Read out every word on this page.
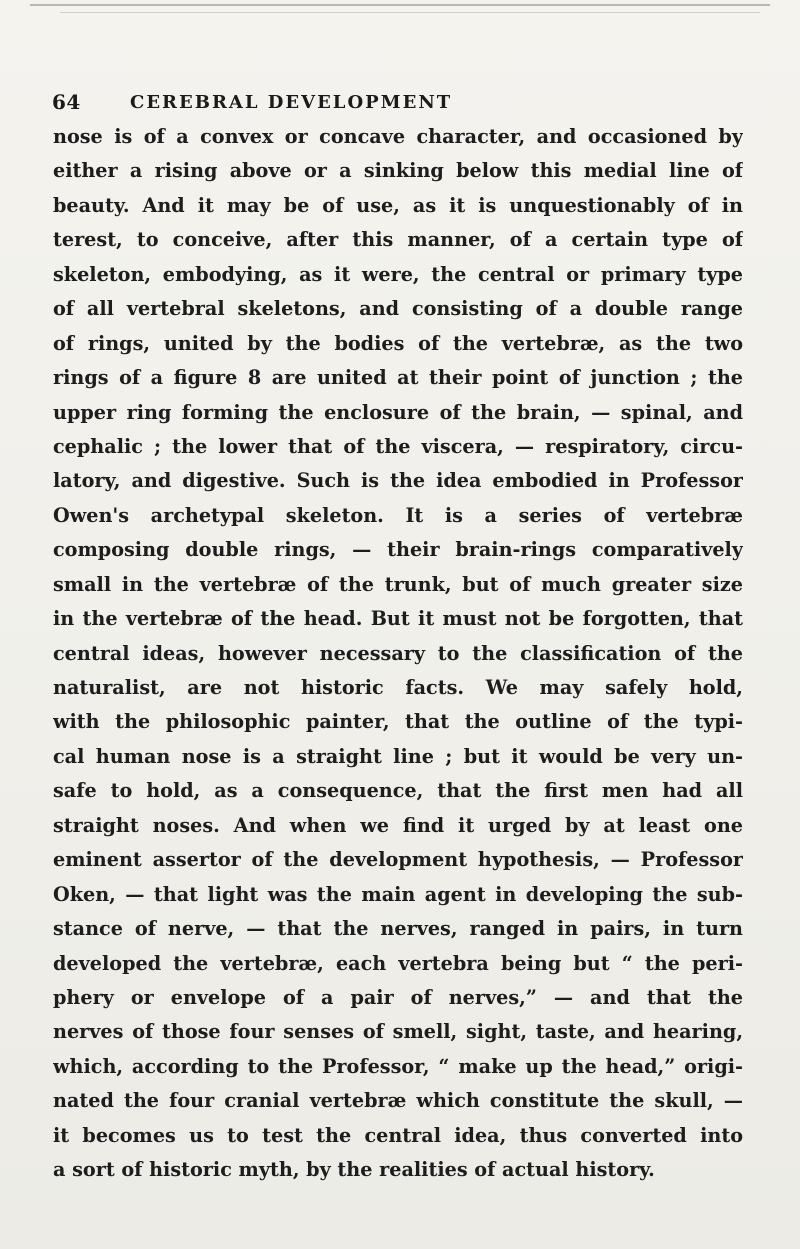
64	CEREBRAL DEVELOPMENT
nose is of a convex or concave character, and occasioned by
either a rising above or a sinking below this medial line of
beauty. And it may be of use, as it is unquestionably of in
terest, to conceive, after this manner, of a certain type of
skeleton, embodying, as it were, the central or primary type
of all vertebral skeletons, and consisting of a double range
of rings, united by the bodies of the vertebræ, as the two
rings of a figure 8 are united at their point of junction ; the
upper ring forming the enclosure of the brain, — spinal, and
cephalic ; the lower that of the viscera, — respiratory, circu-
latory, and digestive. Such is the idea embodied in Professor
Owen's archetypal skeleton. It is a series of vertebræ
composing double rings, — their brain-rings comparatively
small in the vertebræ of the trunk, but of much greater size
in the vertebræ of the head. But it must not be forgotten, that
central ideas, however necessary to the classification of the
naturalist, are not historic facts. We may safely hold,
with the philosophic painter, that the outline of the typi-
cal human nose is a straight line ; but it would be very un-
safe to hold, as a consequence, that the first men had all
straight noses. And when we find it urged by at least one
eminent assertor of the development hypothesis, — Professor
Oken, — that light was the main agent in developing the sub-
stance of nerve, — that the nerves, ranged in pairs, in turn
developed the vertebræ, each vertebra being but “ the peri-
phery or envelope of a pair of nerves,” — and that the
nerves of those four senses of smell, sight, taste, and hearing,
which, according to the Professor, “ make up the head,” origi-
nated the four cranial vertebræ which constitute the skull, —
it becomes us to test the central idea, thus converted into
a sort of historic myth, by the realities of actual history.
